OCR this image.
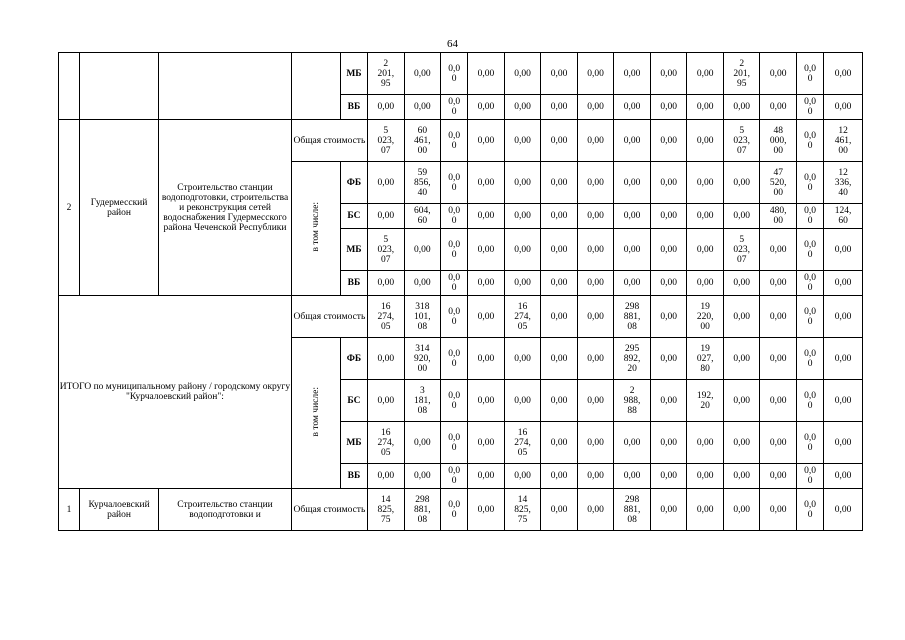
64
				МБ	2
201,
95	0,00	0,0
0	0,00	0,00	0,00	0,00	0,00	0,00	0,00	2
201,
95	0,00	0,0
0	0,00
				ВБ	0,00	0,00	0,0
0	0,00	0,00	0,00	0,00	0,00	0,00	0,00	0,00	0,00	0,0
0	0,00
2	Гудермесский район	Строительство станции водоподготовки, строительства и реконструкция сетей водоснабжения Гудермесского района Чеченской Республики	Общая стоимость		5
023,
07	60
461,
00	0,0
0	0,00	0,00	0,00	0,00	0,00	0,00	0,00	5
023,
07	48
000,
00	0,0
0	12
461,
00
			в том числе:	ФБ	0,00	59
856,
40	0,0
0	0,00	0,00	0,00	0,00	0,00	0,00	0,00	0,00	47
520,
00	0,0
0	12
336,
40
				БС	0,00	604,
60	0,0
0	0,00	0,00	0,00	0,00	0,00	0,00	0,00	0,00	480,
00	0,0
0	124,
60
				МБ	5
023,
07	0,00	0,0
0	0,00	0,00	0,00	0,00	0,00	0,00	0,00	5
023,
07	0,00	0,0
0	0,00
				ВБ	0,00	0,00	0,0
0	0,00	0,00	0,00	0,00	0,00	0,00	0,00	0,00	0,00	0,0
0	0,00
ИТОГО по муниципальному району / городскому округу "Курчалоевский район":			Общая стоимость		16
274,
05	318
101,
08	0,0
0	0,00	16
274,
05	0,00	0,00	298
881,
08	0,00	19
220,
00	0,00	0,00	0,0
0	0,00
			в том числе:	ФБ	0,00	314
920,
00	0,0
0	0,00	0,00	0,00	0,00	295
892,
20	0,00	19
027,
80	0,00	0,00	0,0
0	0,00
				БС	0,00	3
181,
08	0,0
0	0,00	0,00	0,00	0,00	2
988,
88	0,00	192,
20	0,00	0,00	0,0
0	0,00
				МБ	16
274,
05	0,00	0,0
0	0,00	16
274,
05	0,00	0,00	0,00	0,00	0,00	0,00	0,00	0,0
0	0,00
				ВБ	0,00	0,00	0,0
0	0,00	0,00	0,00	0,00	0,00	0,00	0,00	0,00	0,00	0,0
0	0,00
1	Курчалоевский район	Строительство станции водоподготовки и	Общая стоимость		14
825,
75	298
881,
08	0,0
0	0,00	14
825,
75	0,00	0,00	298
881,
08	0,00	0,00	0,00	0,00	0,0
0	0,00
